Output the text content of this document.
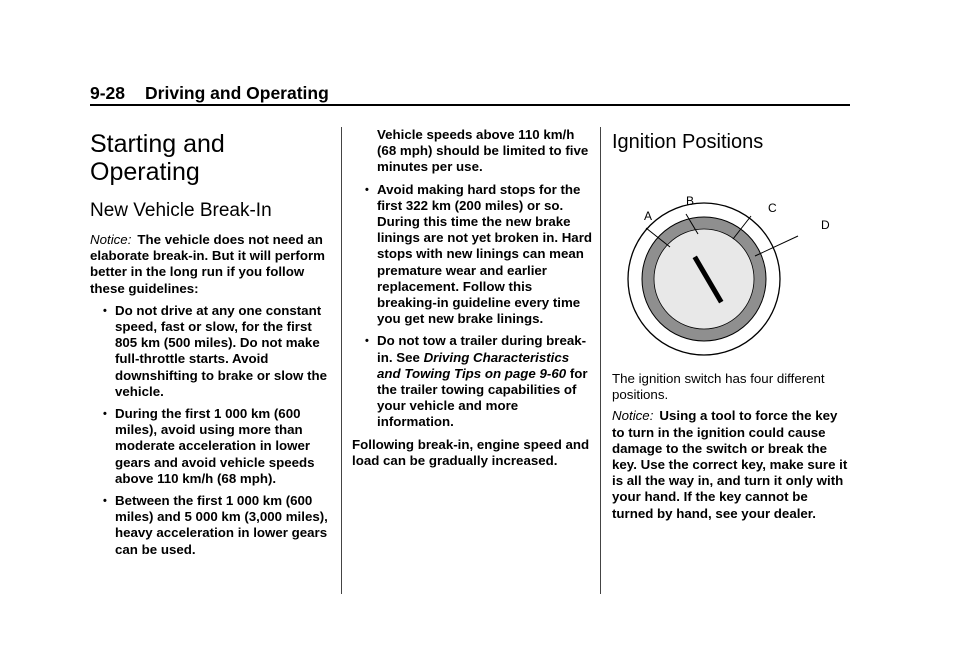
9-28 Driving and Operating
Starting and
Operating
New Vehicle Break-In

Notice: The vehicle does not need an elaborate break-in. But it will perform better in the long run if you follow these guidelines:

• Do not drive at any one constant speed, fast or slow, for the first 805 km (500 miles). Do not make full-throttle starts. Avoid downshifting to brake or slow the vehicle.
• During the first 1 000 km (600 miles), avoid using more than moderate acceleration in lower gears and avoid vehicle speeds above 110 km/h (68 mph).
• Between the first 1 000 km (600 miles) and 5 000 km (3,000 miles), heavy acceleration in lower gears can be used.
Vehicle speeds above 110 km/h (68 mph) should be limited to five minutes per use.
• Avoid making hard stops for the first 322 km (200 miles) or so. During this time the new brake linings are not yet broken in. Hard stops with new linings can mean premature wear and earlier replacement. Follow this breaking-in guideline every time you get new brake linings.
• Do not tow a trailer during break-in. See Driving Characteristics and Towing Tips on page 9-60 for the trailer towing capabilities of your vehicle and more information.

Following break-in, engine speed and load can be gradually increased.

Ignition Positions
A
B	C
D

The ignition switch has four different positions.

Notice: Using a tool to force the key to turn in the ignition could cause damage to the switch or break the key. Use the correct key, make sure it is all the way in, and turn it only with your hand. If the key cannot be turned by hand, see your dealer.
